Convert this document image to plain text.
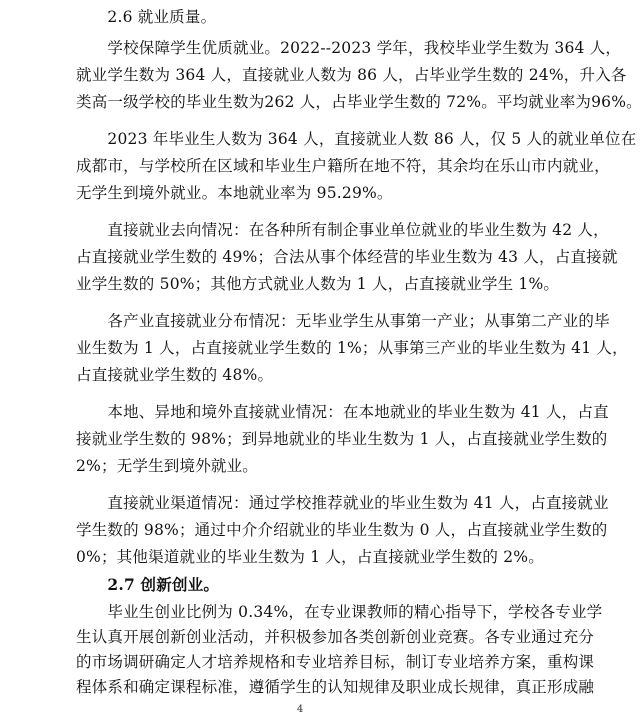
　　2.6 就业质量。
　　学校保障学生优质就业。2022--2023 学年，我校毕业学生数为 364 人，
就业学生数为 364 人，直接就业人数为 86 人，占毕业学生数的 24%，升入各
类高一级学校的毕业生数为262 人，占毕业学生数的 72%。平均就业率为96%。
　　2023 年毕业生人数为 364 人，直接就业人数 86 人，仅 5 人的就业单位在
成都市，与学校所在区域和毕业生户籍所在地不符，其余均在乐山市内就业，
无学生到境外就业。本地就业率为 95.29%。
　　直接就业去向情况：在各种所有制企事业单位就业的毕业生数为 42 人，
占直接就业学生数的 49%；合法从事个体经营的毕业生数为 43 人，占直接就
业学生数的 50%；其他方式就业人数为 1 人，占直接就业学生 1%。
　　各产业直接就业分布情况：无毕业学生从事第一产业；从事第二产业的毕
业生数为 1 人，占直接就业学生数的 1%；从事第三产业的毕业生数为 41 人，
占直接就业学生数的 48%。
　　本地、异地和境外直接就业情况：在本地就业的毕业生数为 41 人，占直
接就业学生数的 98%；到异地就业的毕业生数为 1 人，占直接就业学生数的
2%；无学生到境外就业。
　　直接就业渠道情况：通过学校推荐就业的毕业生数为 41 人，占直接就业
学生数的 98%；通过中介介绍就业的毕业生数为 0 人，占直接就业学生数的
0%；其他渠道就业的毕业生数为 1 人，占直接就业学生数的 2%。
　　2.7 创新创业。
　　毕业生创业比例为 0.34%，在专业课教师的精心指导下，学校各专业学
生认真开展创新创业活动，并积极参加各类创新创业竞赛。各专业通过充分
的市场调研确定人才培养规格和专业培养目标，制订专业培养方案，重构课
程体系和确定课程标准，遵循学生的认知规律及职业成长规律，真正形成融
4
